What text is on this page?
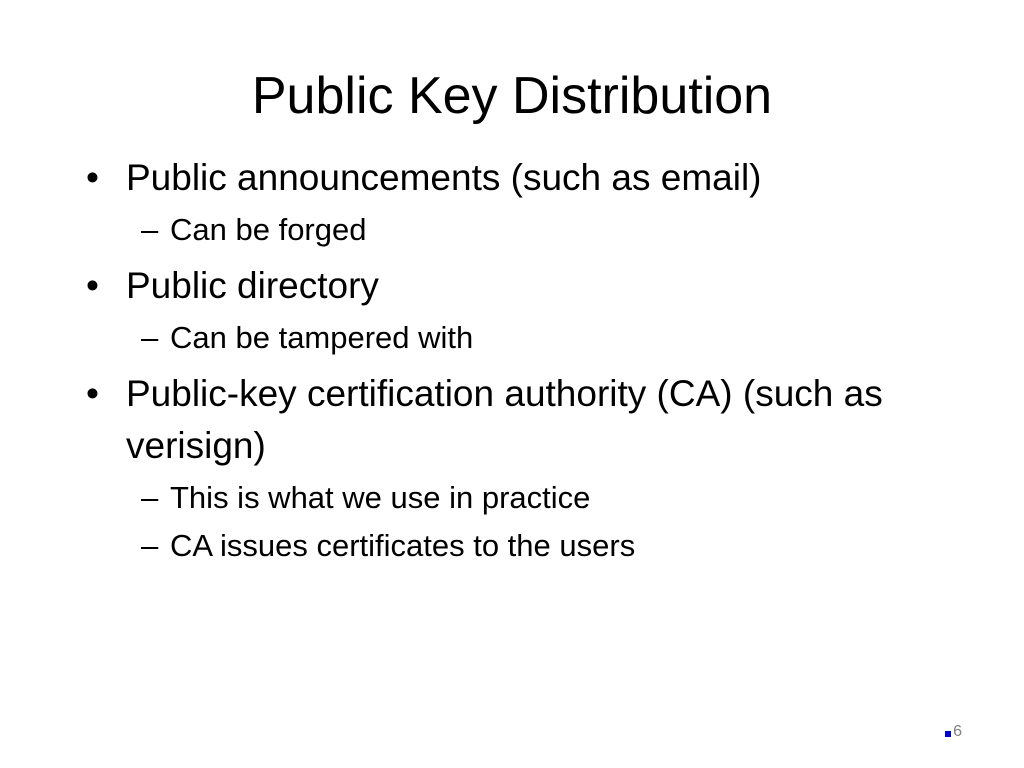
Public Key Distribution
• Public announcements (such as email)
– Can be forged
• Public directory
– Can be tampered with
• Public-key certification authority (CA) (such as verisign)
– This is what we use in practice
– CA issues certificates to the users
6
